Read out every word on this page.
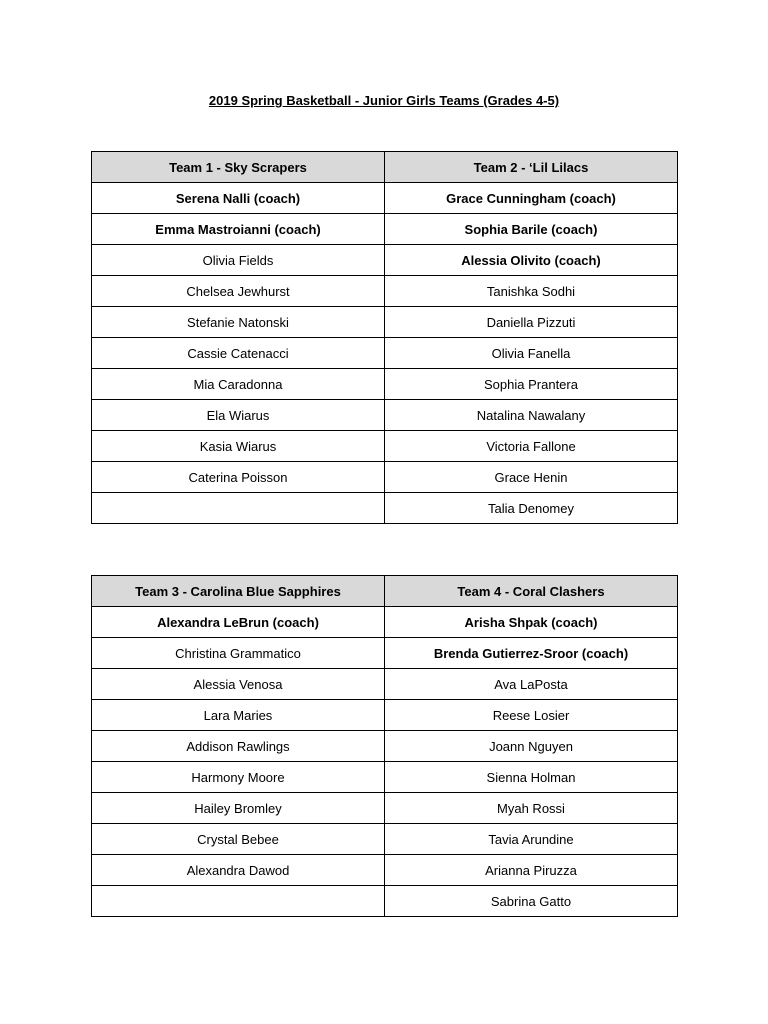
2019 Spring Basketball - Junior Girls Teams (Grades 4-5)
Team 1 - Sky Scrapers	Team 2 - ‘Lil Lilacs
Serena Nalli (coach)	Grace Cunningham (coach)
Emma Mastroianni (coach)	Sophia Barile (coach)
Olivia Fields	Alessia Olivito (coach)
Chelsea Jewhurst	Tanishka Sodhi
Stefanie Natonski	Daniella Pizzuti
Cassie Catenacci	Olivia Fanella
Mia Caradonna	Sophia Prantera
Ela Wiarus	Natalina Nawalany
Kasia Wiarus	Victoria Fallone
Caterina Poisson	Grace Henin
	Talia Denomey
Team 3 - Carolina Blue Sapphires	Team 4 - Coral Clashers
Alexandra LeBrun (coach)	Arisha Shpak (coach)
Christina Grammatico	Brenda Gutierrez-Sroor (coach)
Alessia Venosa	Ava LaPosta
Lara Maries	Reese Losier
Addison Rawlings	Joann Nguyen
Harmony Moore	Sienna Holman
Hailey Bromley	Myah Rossi
Crystal Bebee	Tavia Arundine
Alexandra Dawod	Arianna Piruzza
	Sabrina Gatto
